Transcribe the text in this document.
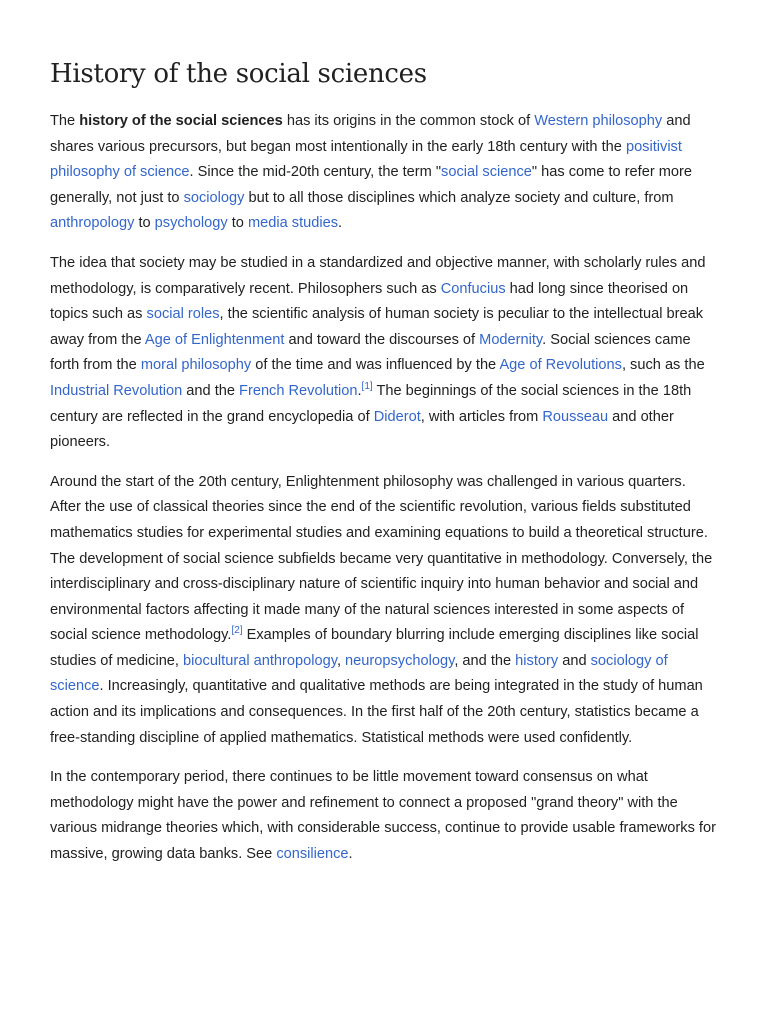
History of the social sciences

The history of the social sciences has its origins in the common stock of Western philosophy and shares various precursors, but began most intentionally in the early 18th century with the positivist philosophy of science. Since the mid-20th century, the term "social science" has come to refer more generally, not just to sociology but to all those disciplines which analyze society and culture, from anthropology to psychology to media studies.

The idea that society may be studied in a standardized and objective manner, with scholarly rules and methodology, is comparatively recent. Philosophers such as Confucius had long since theorised on topics such as social roles, the scientific analysis of human society is peculiar to the intellectual break away from the Age of Enlightenment and toward the discourses of Modernity. Social sciences came forth from the moral philosophy of the time and was influenced by the Age of Revolutions, such as the Industrial Revolution and the French Revolution.[1] The beginnings of the social sciences in the 18th century are reflected in the grand encyclopedia of Diderot, with articles from Rousseau and other pioneers.

Around the start of the 20th century, Enlightenment philosophy was challenged in various quarters. After the use of classical theories since the end of the scientific revolution, various fields substituted mathematics studies for experimental studies and examining equations to build a theoretical structure. The development of social science subfields became very quantitative in methodology. Conversely, the interdisciplinary and cross-disciplinary nature of scientific inquiry into human behavior and social and environmental factors affecting it made many of the natural sciences interested in some aspects of social science methodology.[2] Examples of boundary blurring include emerging disciplines like social studies of medicine, biocultural anthropology, neuropsychology, and the history and sociology of science. Increasingly, quantitative and qualitative methods are being integrated in the study of human action and its implications and consequences. In the first half of the 20th century, statistics became a free-standing discipline of applied mathematics. Statistical methods were used confidently.

In the contemporary period, there continues to be little movement toward consensus on what methodology might have the power and refinement to connect a proposed "grand theory" with the various midrange theories which, with considerable success, continue to provide usable frameworks for massive, growing data banks. See consilience.
